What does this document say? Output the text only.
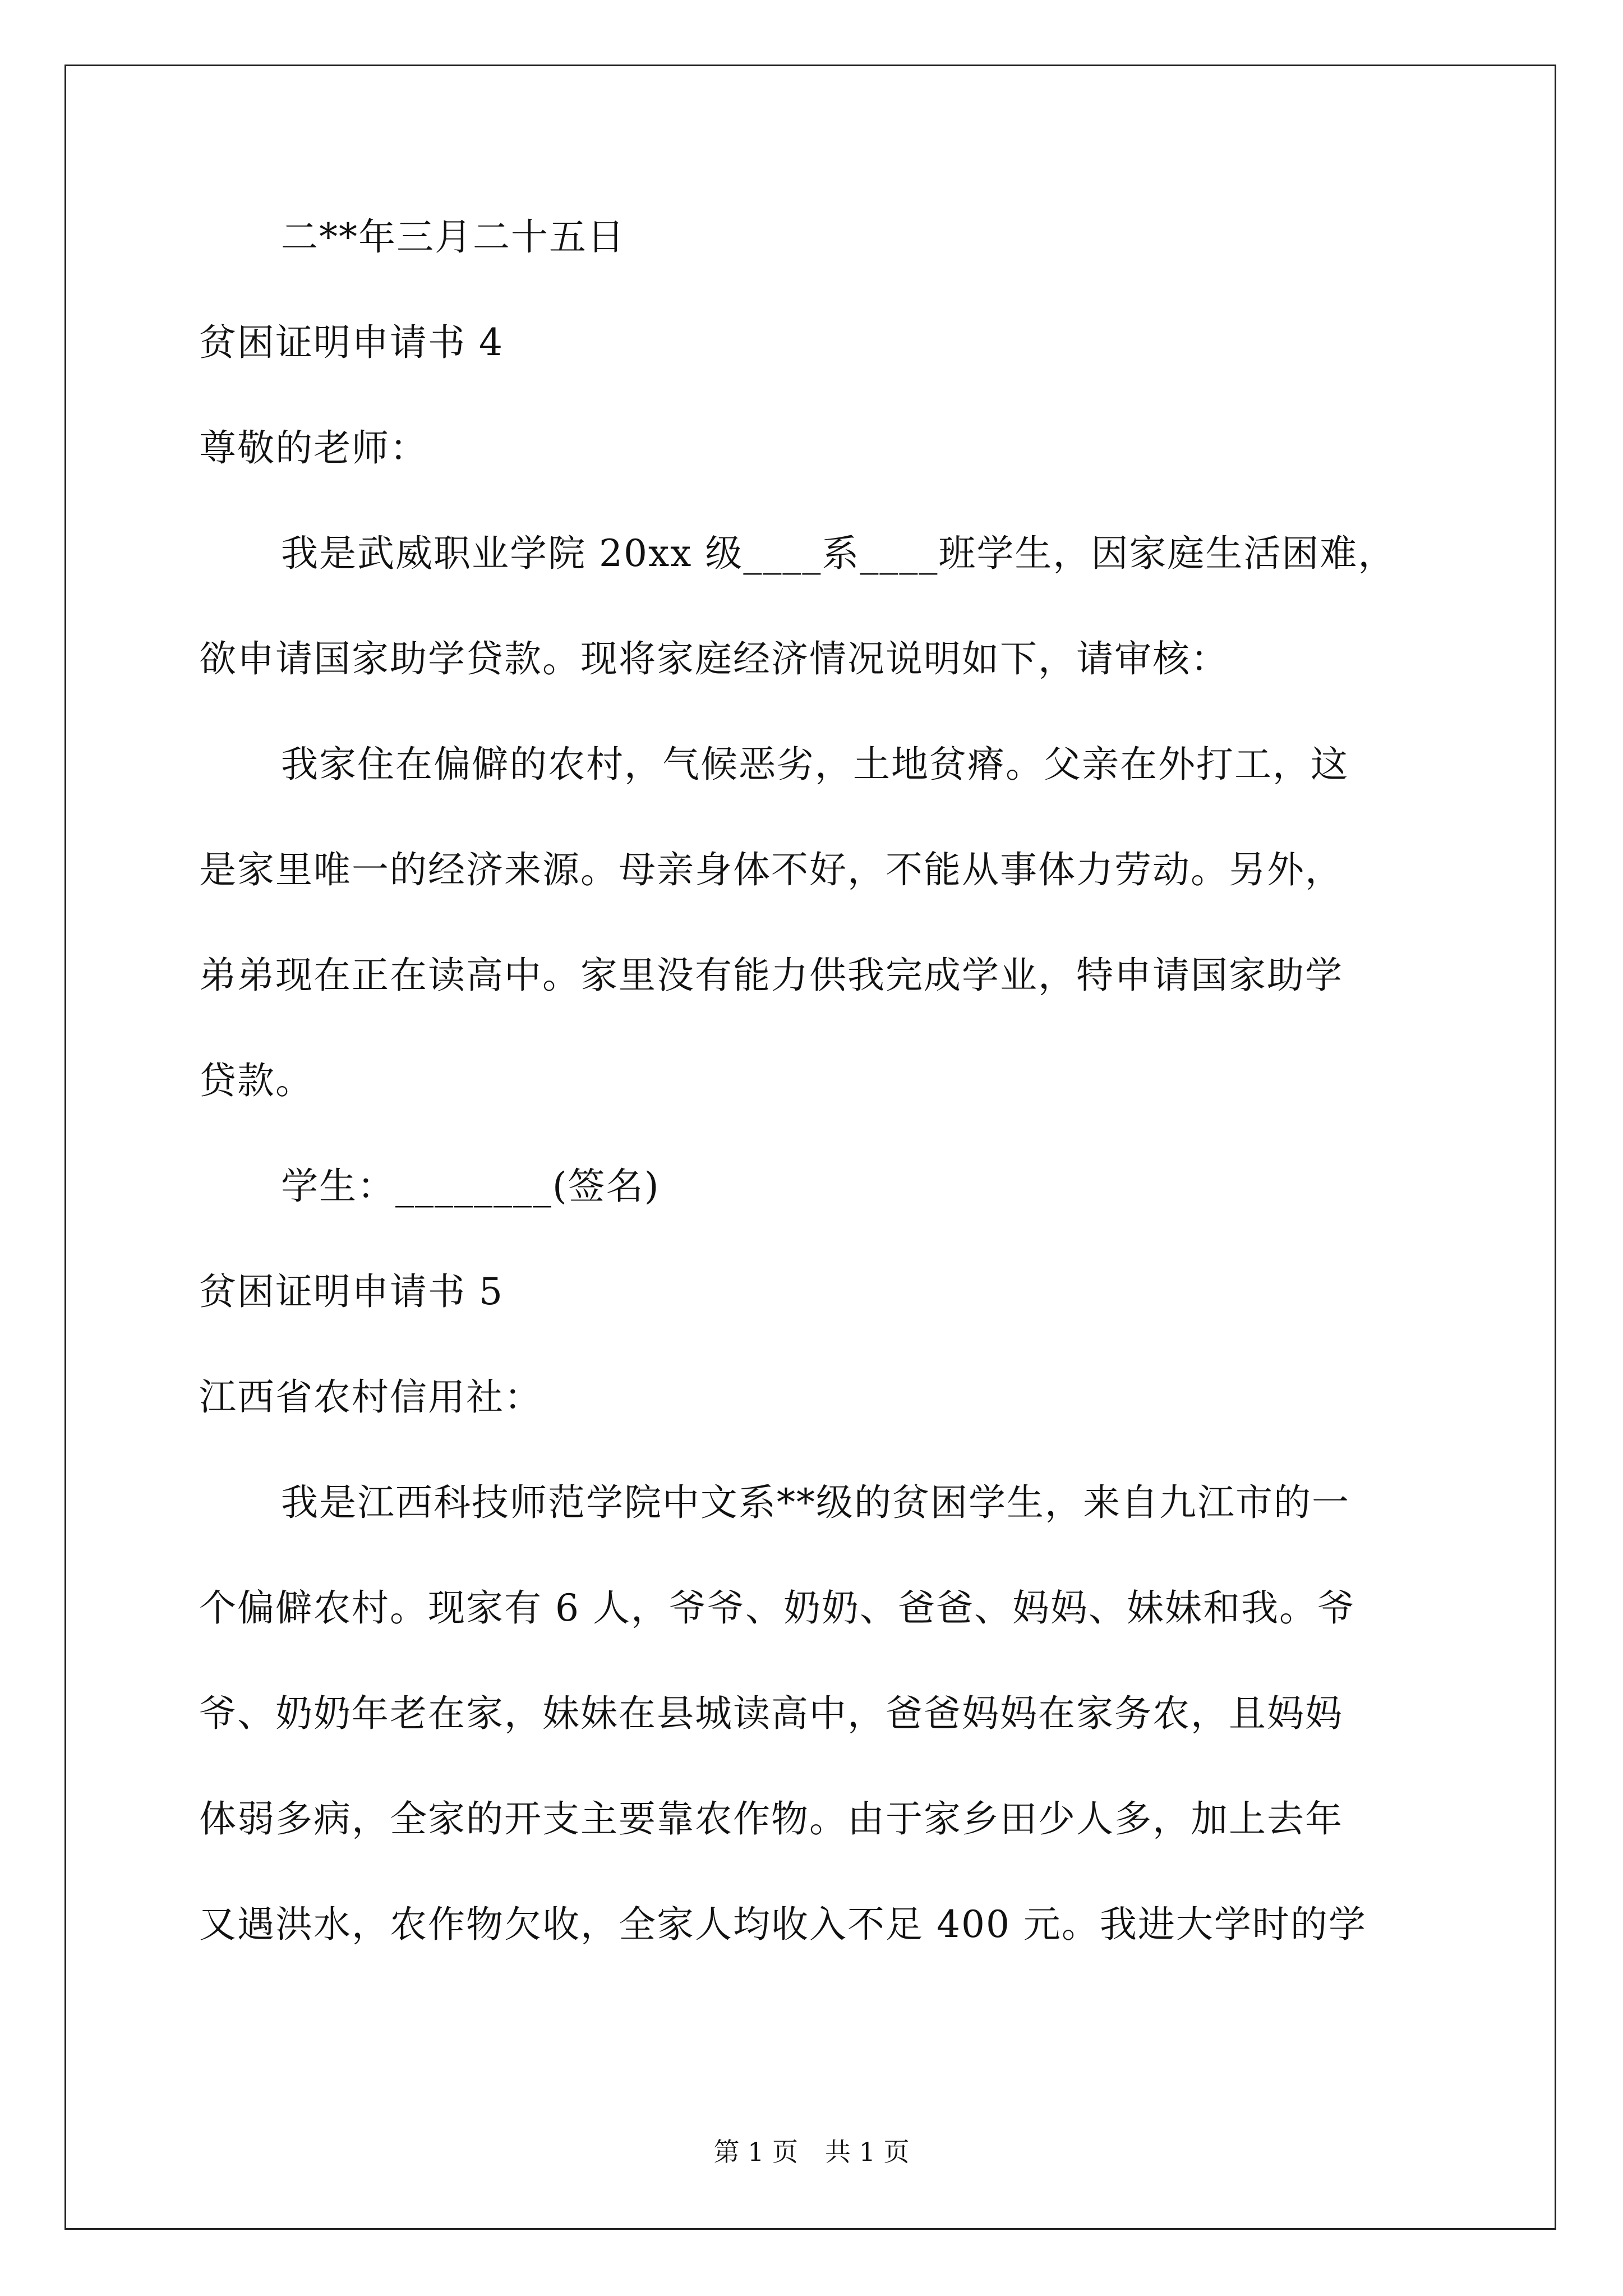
二**年三月二十五日
贫困证明申请书 4
尊敬的老师：
我是武威职业学院 20xx 级____系____班学生，因家庭生活困难，
欲申请国家助学贷款。现将家庭经济情况说明如下，请审核：
我家住在偏僻的农村，气候恶劣，土地贫瘠。父亲在外打工，这
是家里唯一的经济来源。母亲身体不好，不能从事体力劳动。另外，
弟弟现在正在读高中。家里没有能力供我完成学业，特申请国家助学
贷款。
学生：________(签名)
贫困证明申请书 5
江西省农村信用社：
我是江西科技师范学院中文系**级的贫困学生，来自九江市的一
个偏僻农村。现家有 6 人，爷爷、奶奶、爸爸、妈妈、妹妹和我。爷
爷、奶奶年老在家，妹妹在县城读高中，爸爸妈妈在家务农，且妈妈
体弱多病，全家的开支主要靠农作物。由于家乡田少人多，加上去年
又遇洪水，农作物欠收，全家人均收入不足 400 元。我进大学时的学
第 1 页 共 1 页
